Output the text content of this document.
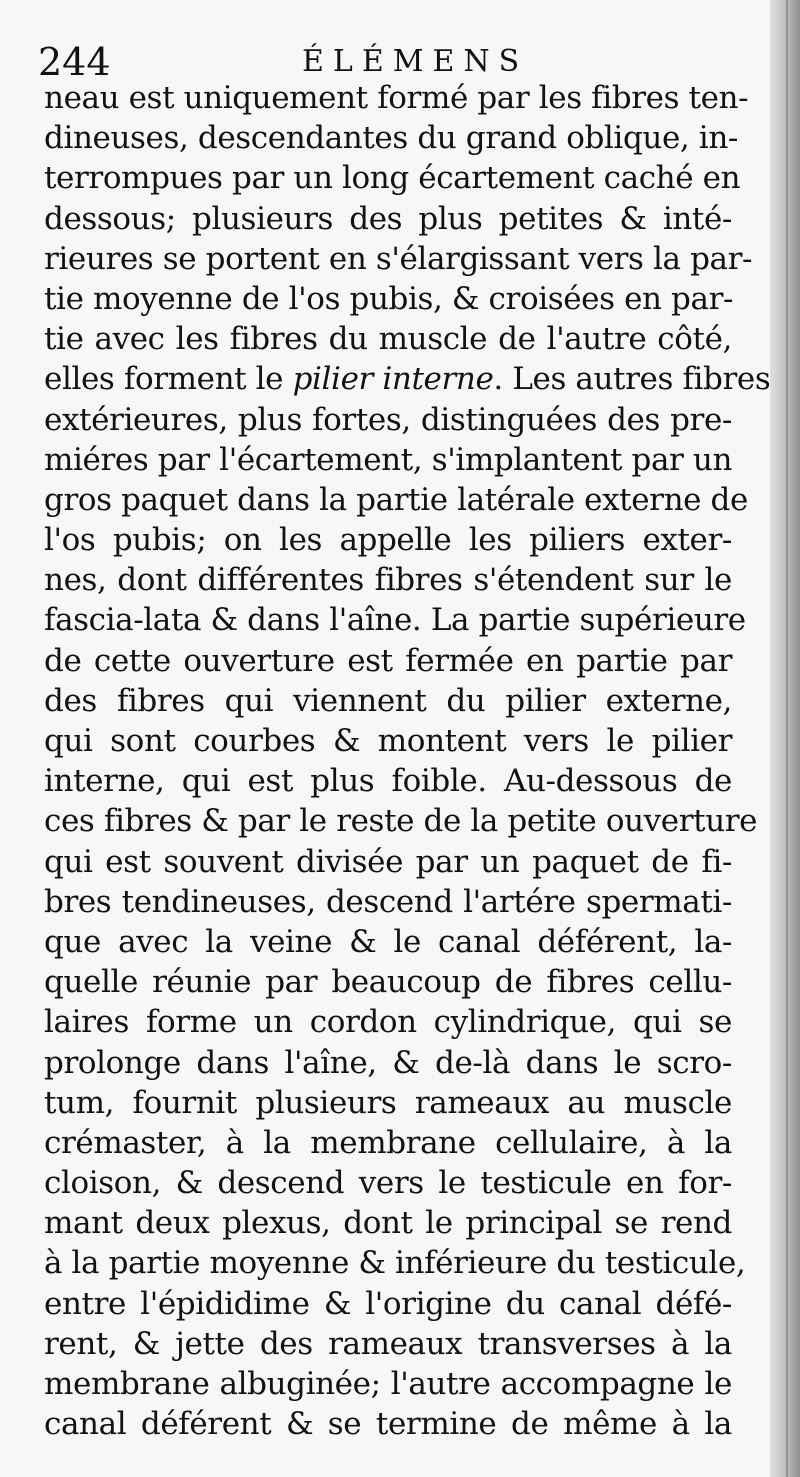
244	ÉLÉMENS
neau est uniquement formé par les fibres ten-
dineuses, descendantes du grand oblique, in-
terrompues par un long écartement caché en
dessous; plusieurs des plus petites & inté-
rieures se portent en s'élargissant vers la par-
tie moyenne de l'os pubis, & croisées en par-
tie avec les fibres du muscle de l'autre côté,
elles forment le pilier interne. Les autres fibres
extérieures, plus fortes, distinguées des pre-
miéres par l'écartement, s'implantent par un
gros paquet dans la partie latérale externe de
l'os pubis; on les appelle les piliers exter-
nes, dont différentes fibres s'étendent sur le
fascia-lata & dans l'aîne. La partie supérieure
de cette ouverture est fermée en partie par
des fibres qui viennent du pilier externe,
qui sont courbes & montent vers le pilier
interne, qui est plus foible. Au-dessous de
ces fibres & par le reste de la petite ouverture
qui est souvent divisée par un paquet de fi-
bres tendineuses, descend l'artére spermati-
que avec la veine & le canal déférent, la-
quelle réunie par beaucoup de fibres cellu-
laires forme un cordon cylindrique, qui se
prolonge dans l'aîne, & de-là dans le scro-
tum, fournit plusieurs rameaux au muscle
crémaster, à la membrane cellulaire, à la
cloison, & descend vers le testicule en for-
mant deux plexus, dont le principal se rend
à la partie moyenne & inférieure du testicule,
entre l'épididime & l'origine du canal défé-
rent, & jette des rameaux transverses à la
membrane albuginée; l'autre accompagne le
canal déférent & se termine de même à la
